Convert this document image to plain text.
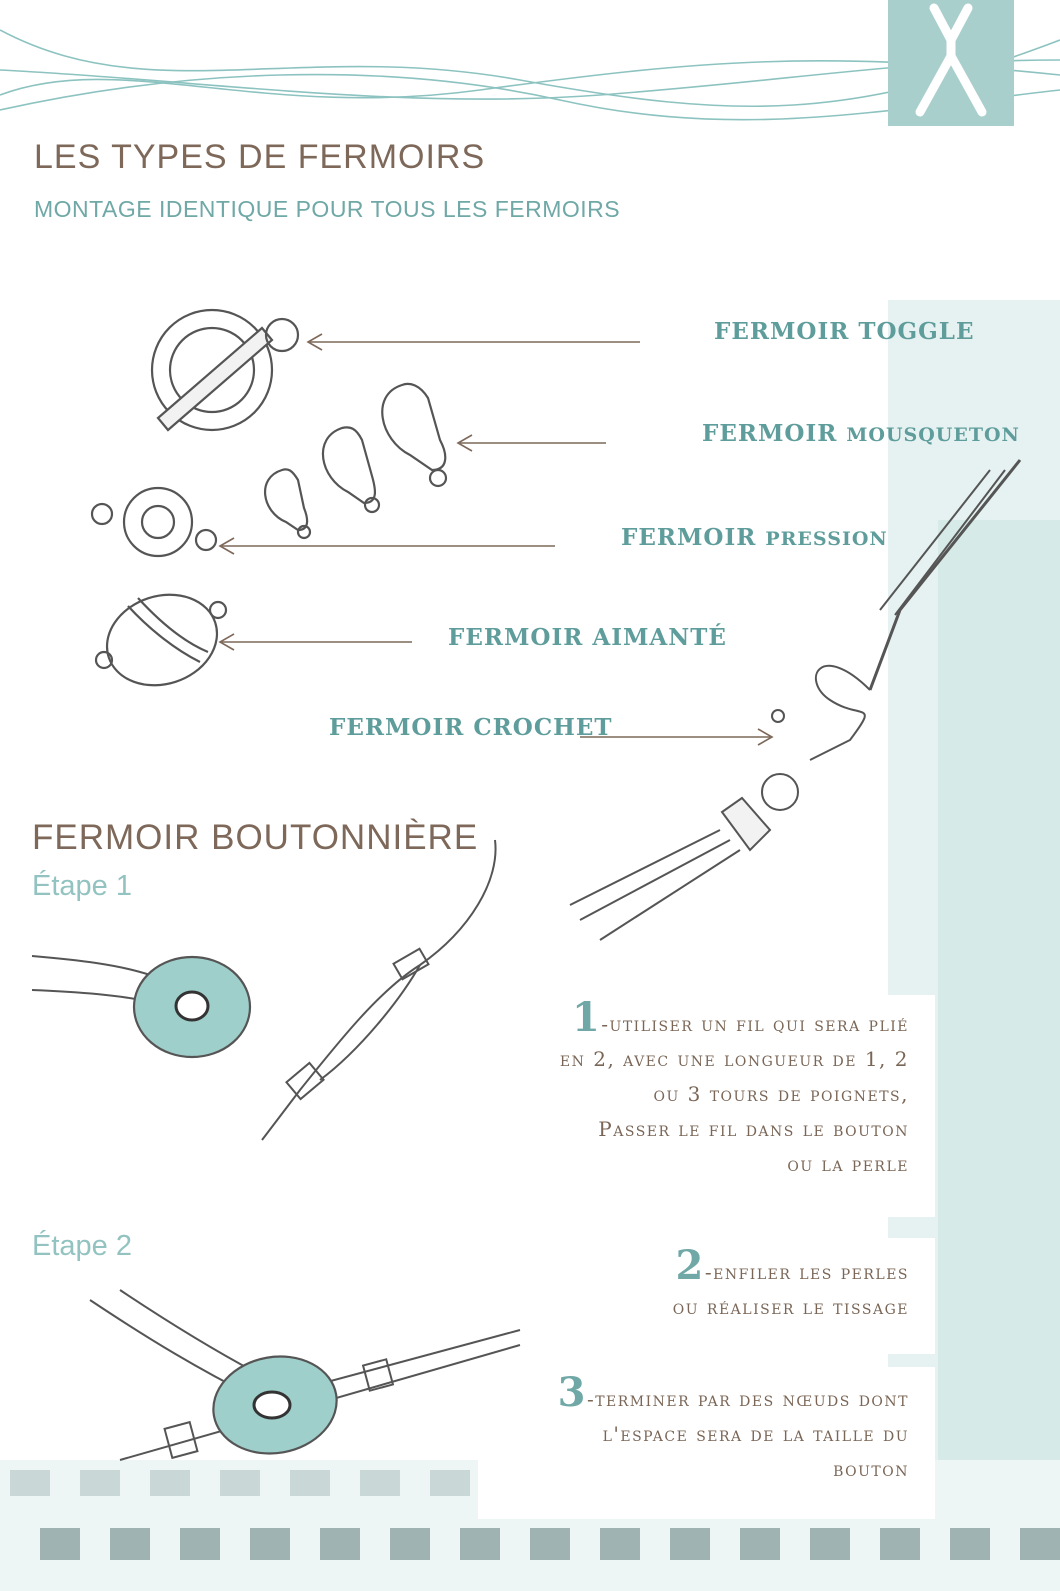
LES TYPES DE FERMOIRS
MONTAGE IDENTIQUE POUR TOUS LES FERMOIRS
FERMOIR TOGGLE
FERMOIR MOUSQUETON
FERMOIR PRESSION
FERMOIR AIMANTÉ
FERMOIR CROCHET
FERMOIR BOUTONNIÈRE
Étape 1
Étape 2
1-utiliser un fil qui sera plié
en 2, avec une longueur de 1, 2
ou 3 tours de poignets,
Passer le fil dans le bouton
ou la perle
2-enfiler les perles
ou réaliser le tissage
3-terminer par des nœuds dont
l'espace sera de la taille du
bouton
